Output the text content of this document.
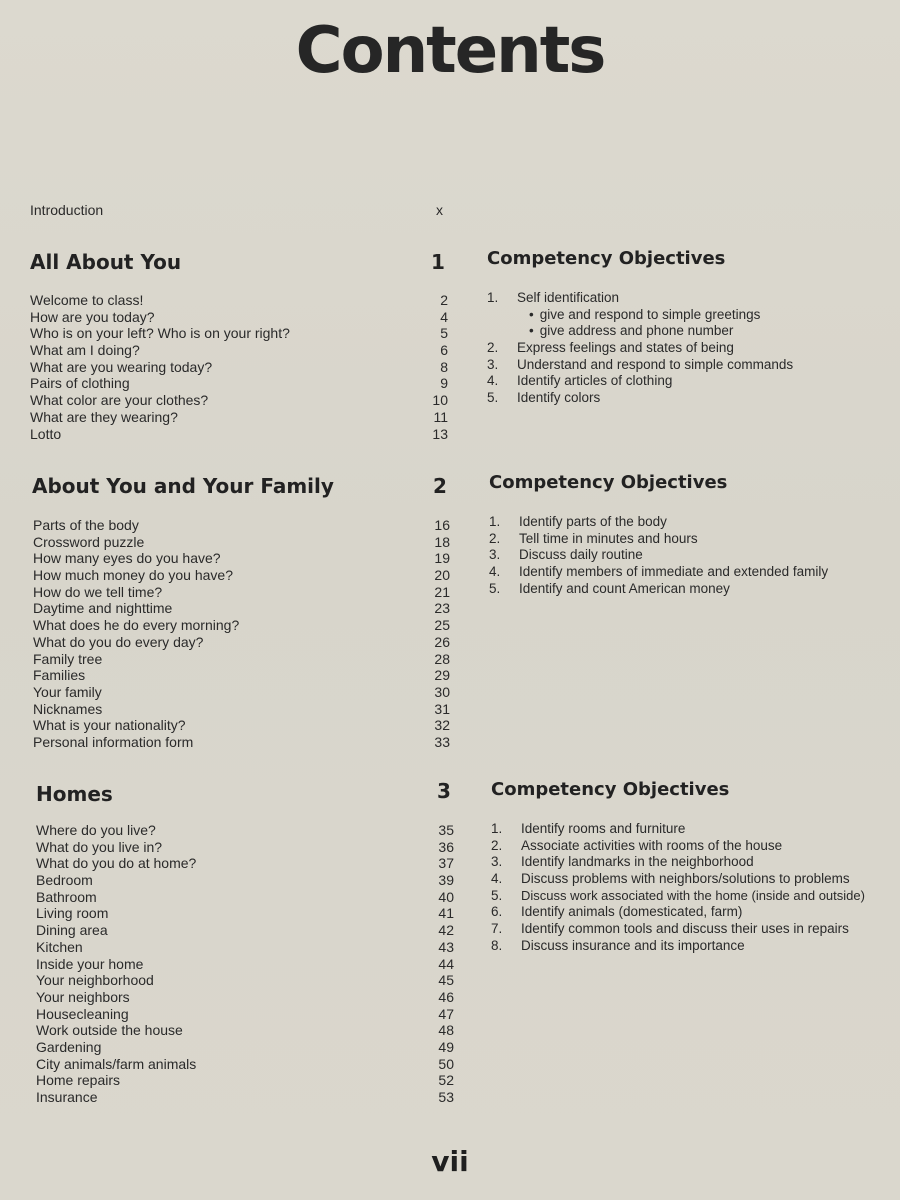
Contents
Introduction	x
All About You	1 Competency Objectives
Welcome to class!	2
How are you today?	4
Who is on your left? Who is on your right?	5
What am I doing?	6
What are you wearing today?	8
Pairs of clothing	9
What color are your clothes?	10
What are they wearing?	11
Lotto	13
1. Self identification
• give and respond to simple greetings
• give address and phone number
2. Express feelings and states of being
3. Understand and respond to simple commands
4. Identify articles of clothing
5. Identify colors
About You and Your Family	2 Competency Objectives
Parts of the body	16
Crossword puzzle	18
How many eyes do you have?	19
How much money do you have?	20
How do we tell time?	21
Daytime and nighttime	23
What does he do every morning?	25
What do you do every day?	26
Family tree	28
Families	29
Your family	30
Nicknames	31
What is your nationality?	32
Personal information form	33
1. Identify parts of the body
2. Tell time in minutes and hours
3. Discuss daily routine
4. Identify members of immediate and extended family
5. Identify and count American money
Homes	3 Competency Objectives
Where do you live?	35
What do you live in?	36
What do you do at home?	37
Bedroom	39
Bathroom	40
Living room	41
Dining area	42
Kitchen	43
Inside your home	44
Your neighborhood	45
Your neighbors	46
Housecleaning	47
Work outside the house	48
Gardening	49
City animals/farm animals	50
Home repairs	52
Insurance	53
1. Identify rooms and furniture
2. Associate activities with rooms of the house
3. Identify landmarks in the neighborhood
4. Discuss problems with neighbors/solutions to problems
5. Discuss work associated with the home (inside and outside)
6. Identify animals (domesticated, farm)
7. Identify common tools and discuss their uses in repairs
8. Discuss insurance and its importance
vii
